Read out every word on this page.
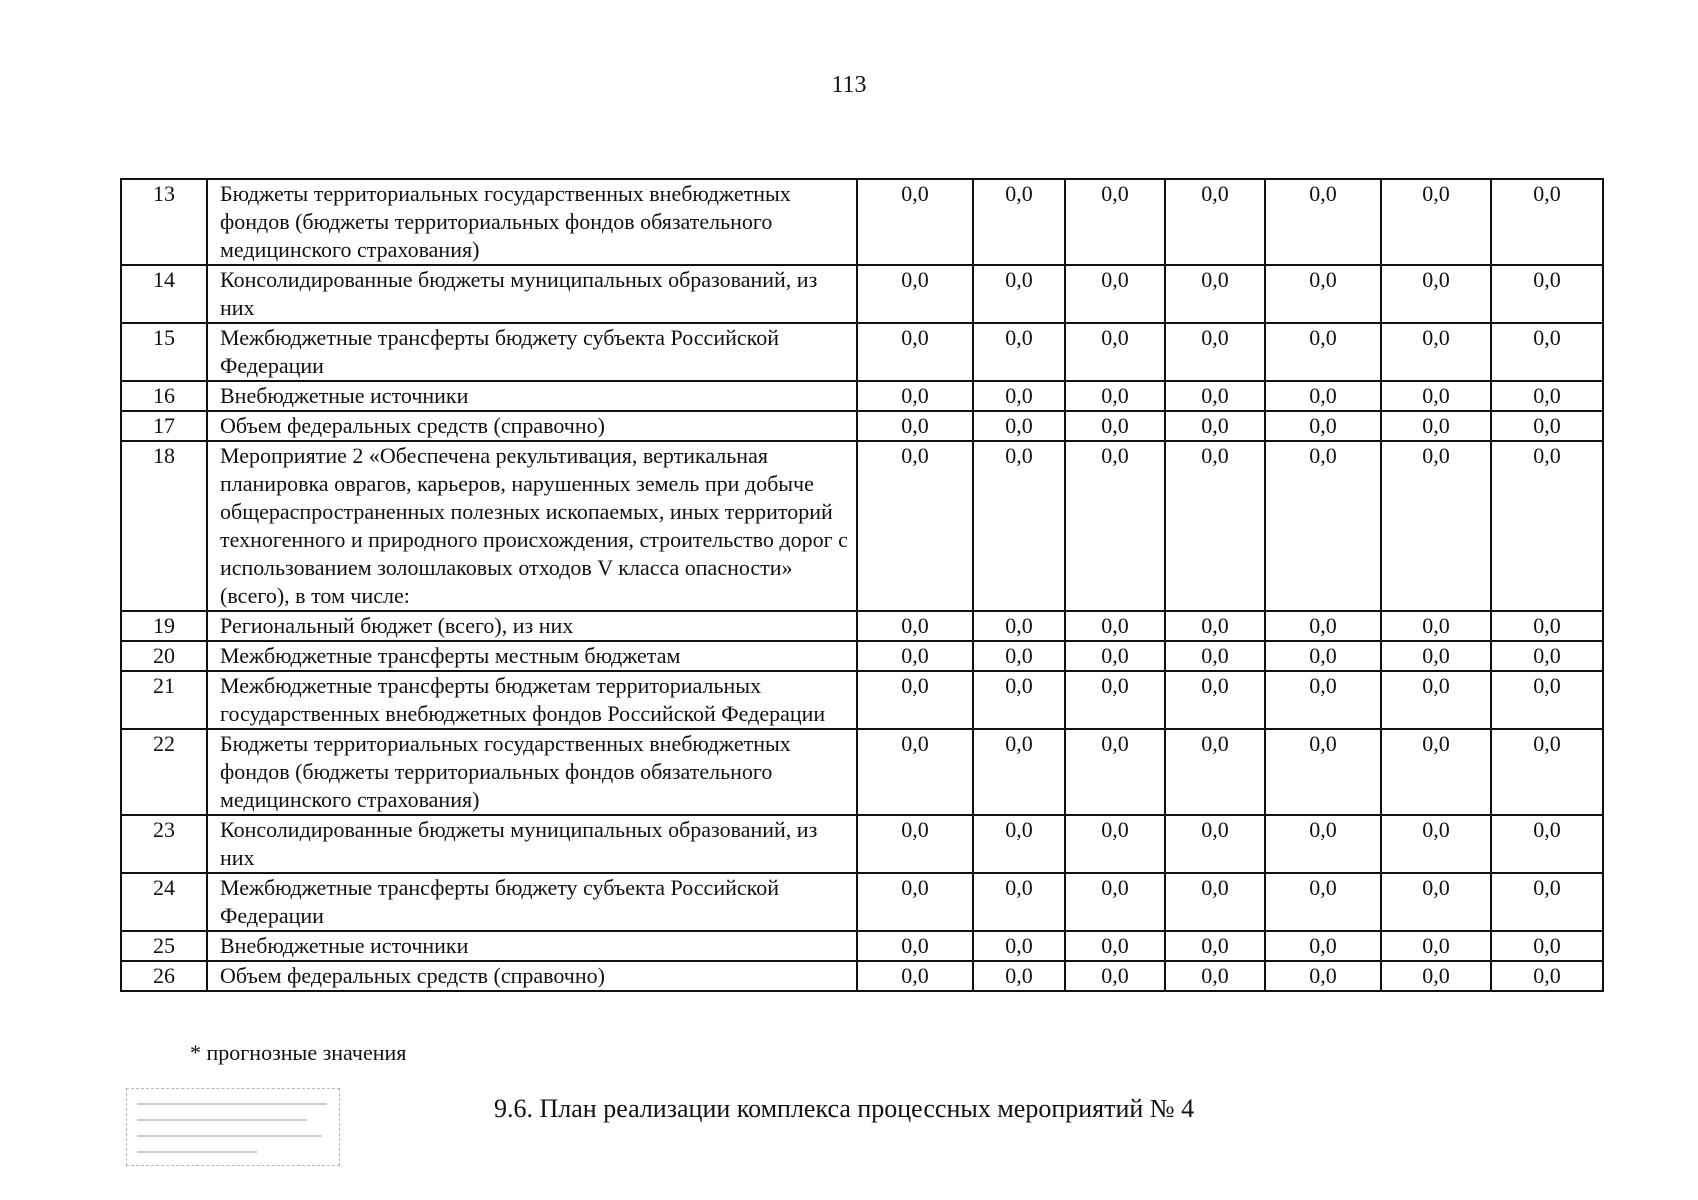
113
13	Бюджеты территориальных государственных внебюджетных фондов (бюджеты территориальных фондов обязательного медицинского страхования)	0,0	0,0	0,0	0,0	0,0	0,0	0,0
14	Консолидированные бюджеты муниципальных образований, из них	0,0	0,0	0,0	0,0	0,0	0,0	0,0
15	Межбюджетные трансферты бюджету субъекта Российской Федерации	0,0	0,0	0,0	0,0	0,0	0,0	0,0
16	Внебюджетные источники	0,0	0,0	0,0	0,0	0,0	0,0	0,0
17	Объем федеральных средств (справочно)	0,0	0,0	0,0	0,0	0,0	0,0	0,0
18	Мероприятие 2 «Обеспечена рекультивация, вертикальная планировка оврагов, карьеров, нарушенных земель при добыче общераспространенных полезных ископаемых, иных территорий техногенного и природного происхождения, строительство дорог с использованием золошлаковых отходов V класса опасности» (всего), в том числе:	0,0	0,0	0,0	0,0	0,0	0,0	0,0
19	Региональный бюджет (всего), из них	0,0	0,0	0,0	0,0	0,0	0,0	0,0
20	Межбюджетные трансферты местным бюджетам	0,0	0,0	0,0	0,0	0,0	0,0	0,0
21	Межбюджетные трансферты бюджетам территориальных государственных внебюджетных фондов Российской Федерации	0,0	0,0	0,0	0,0	0,0	0,0	0,0
22	Бюджеты территориальных государственных внебюджетных фондов (бюджеты территориальных фондов обязательного медицинского страхования)	0,0	0,0	0,0	0,0	0,0	0,0	0,0
23	Консолидированные бюджеты муниципальных образований, из них	0,0	0,0	0,0	0,0	0,0	0,0	0,0
24	Межбюджетные трансферты бюджету субъекта Российской Федерации	0,0	0,0	0,0	0,0	0,0	0,0	0,0
25	Внебюджетные источники	0,0	0,0	0,0	0,0	0,0	0,0	0,0
26	Объем федеральных средств (справочно)	0,0	0,0	0,0	0,0	0,0	0,0	0,0
* прогнозные значения
9.6. План реализации комплекса процессных мероприятий № 4
